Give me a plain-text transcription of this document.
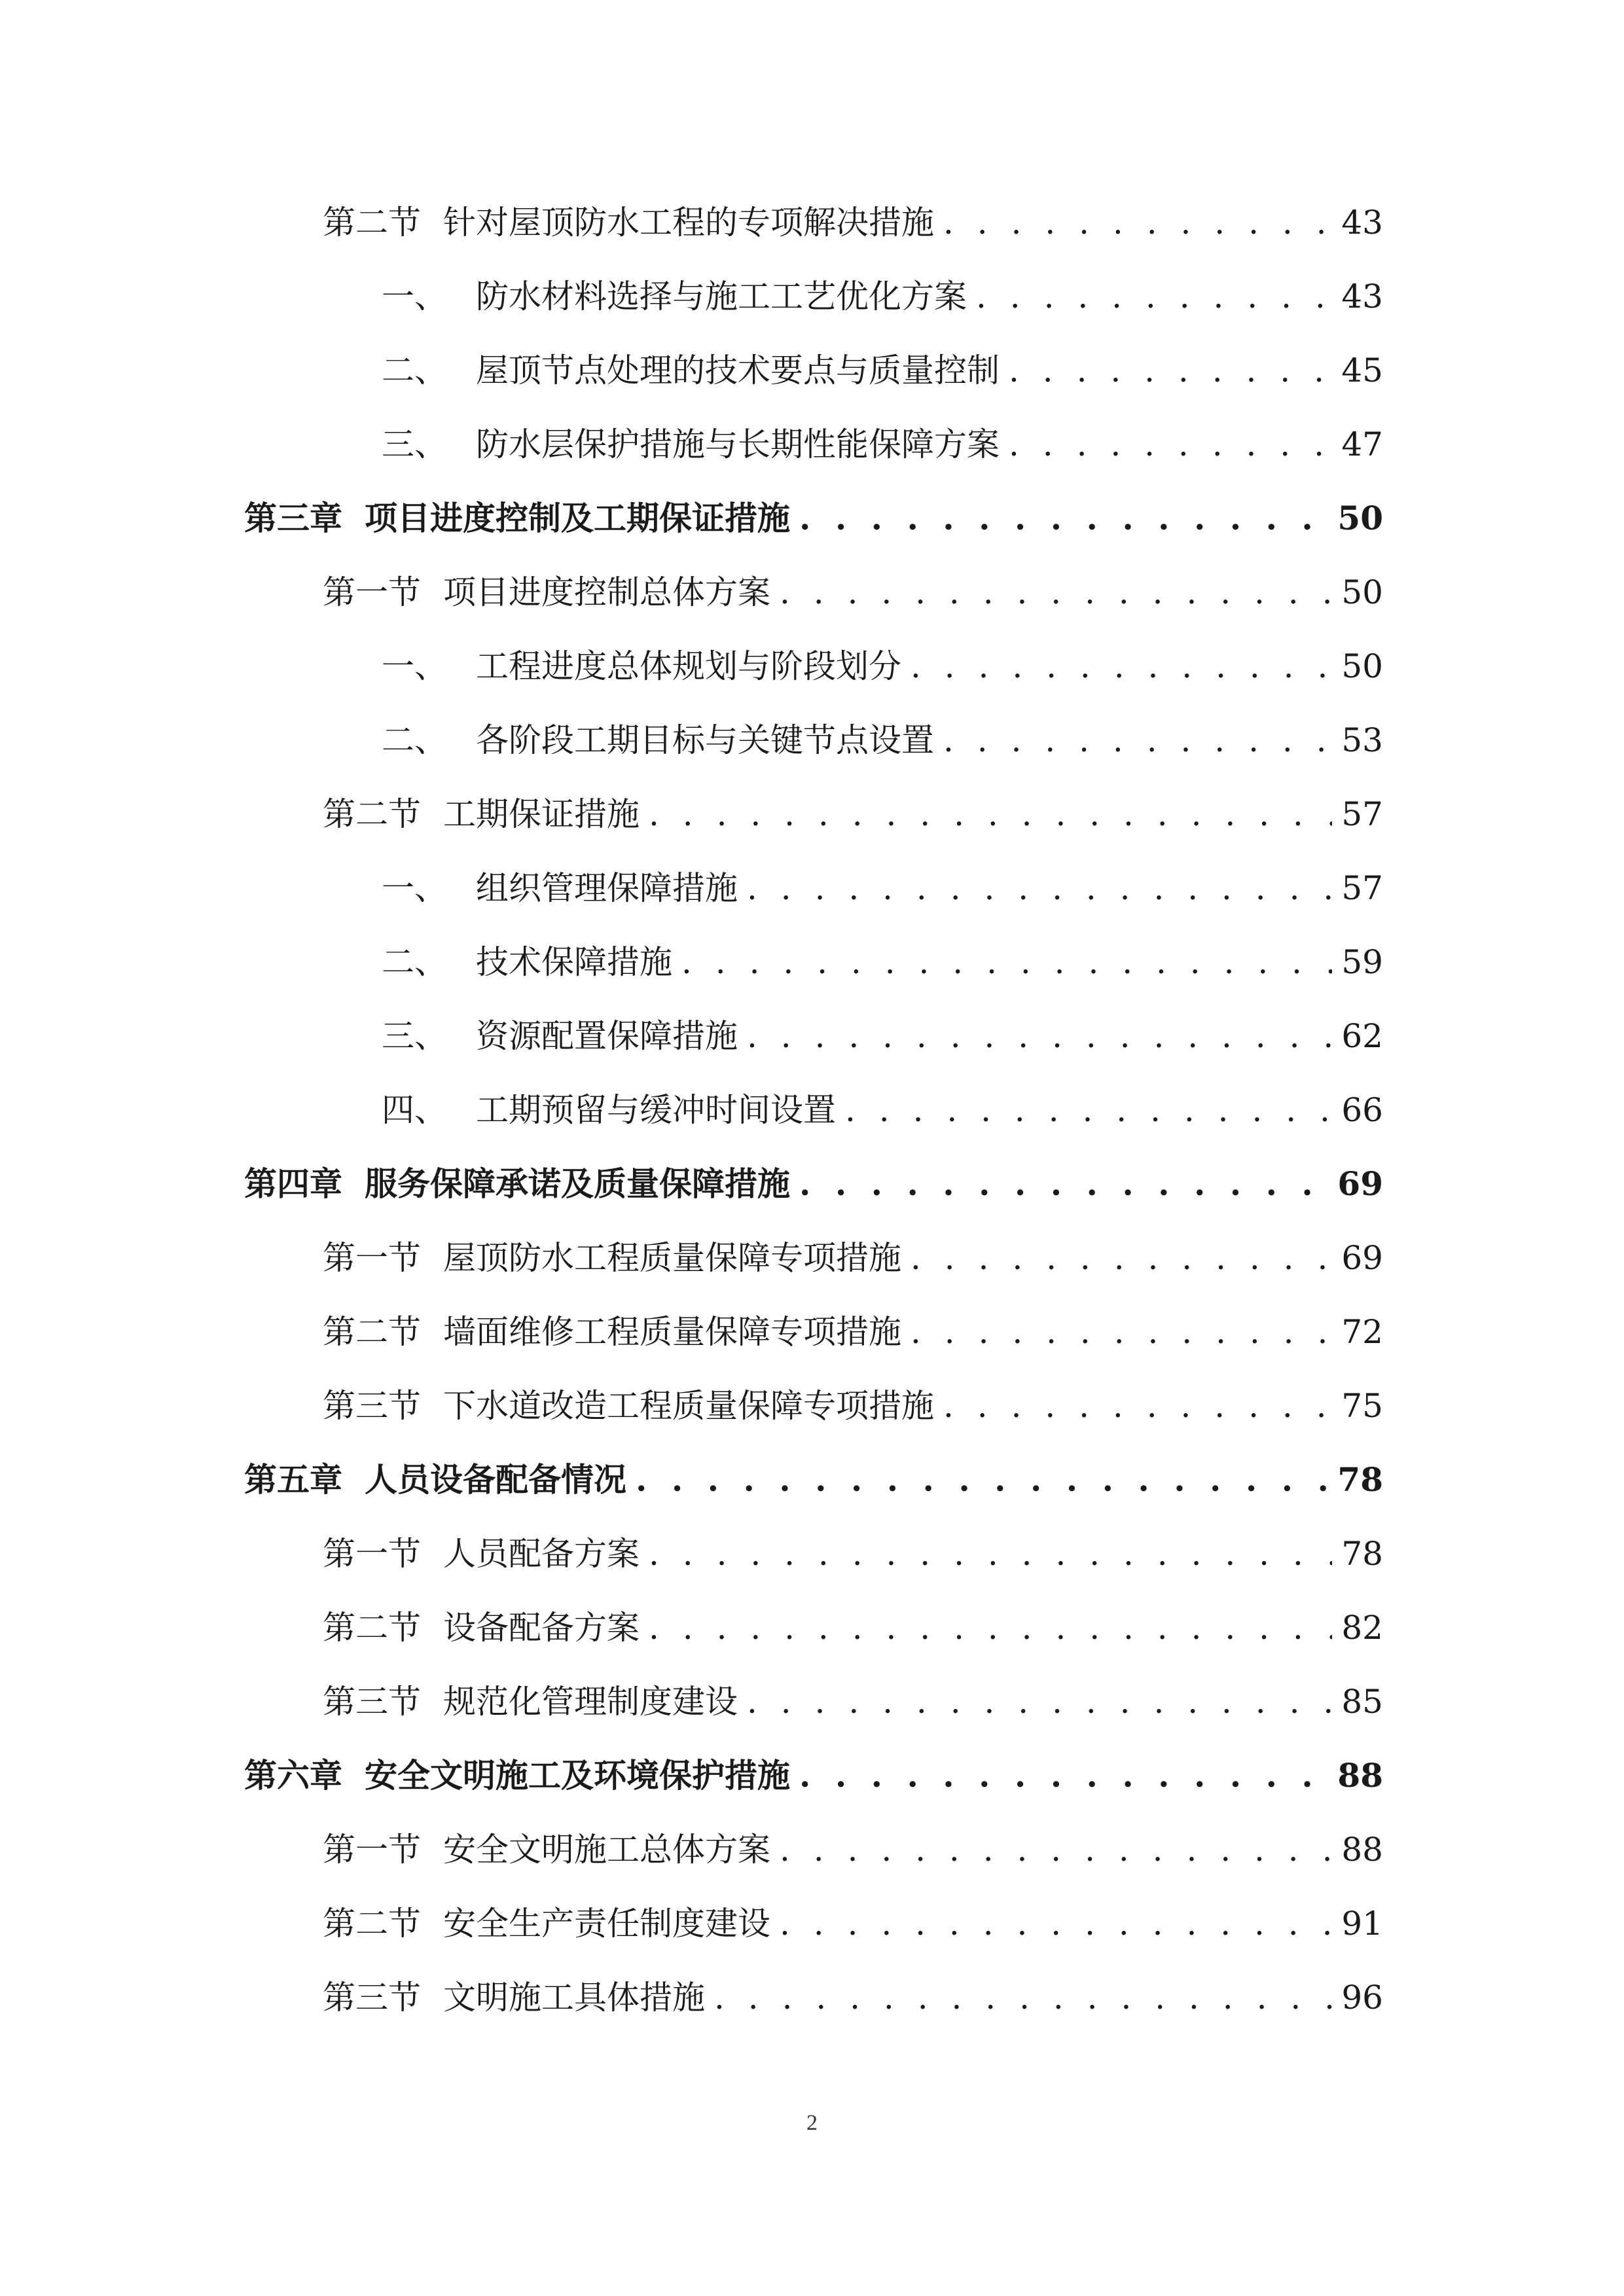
第二节 针对屋顶防水工程的专项解决措施 . . .	43
一、 防水材料选择与施工工艺优化方案 . . .	43
二、 屋顶节点处理的技术要点与质量控制 . . .	45
三、 防水层保护措施与长期性能保障方案 . . .	47
第三章 项目进度控制及工期保证措施 . . .	50
第一节 项目进度控制总体方案 . . .	50
一、 工程进度总体规划与阶段划分 . . .	50
二、 各阶段工期目标与关键节点设置 . . .	53
第二节 工期保证措施 . . .	57
一、 组织管理保障措施 . . .	57
二、 技术保障措施 . . .	59
三、 资源配置保障措施 . . .	62
四、 工期预留与缓冲时间设置 . . .	66
第四章 服务保障承诺及质量保障措施 . . .	69
第一节 屋顶防水工程质量保障专项措施 . . .	69
第二节 墙面维修工程质量保障专项措施 . . .	72
第三节 下水道改造工程质量保障专项措施 . . .	75
第五章 人员设备配备情况 . . .	78
第一节 人员配备方案 . . .	78
第二节 设备配备方案 . . .	82
第三节 规范化管理制度建设 . . .	85
第六章 安全文明施工及环境保护措施 . . .	88
第一节 安全文明施工总体方案 . . .	88
第二节 安全生产责任制度建设 . . .	91
第三节 文明施工具体措施 . . .	96
2
